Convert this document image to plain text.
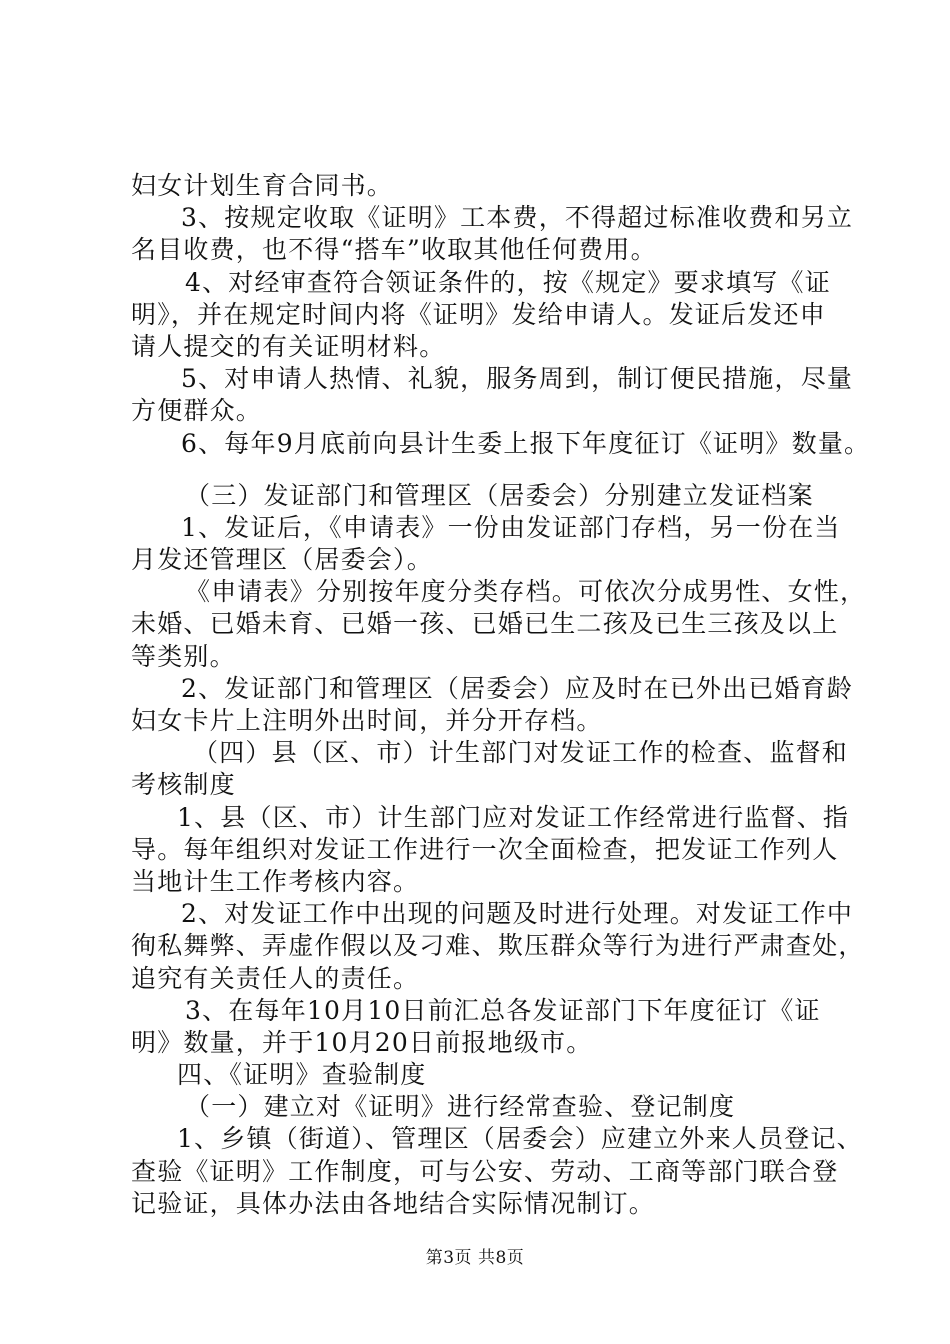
妇女计划生育合同书。
3、按规定收取《证明》工本费，不得超过标准收费和另立
名目收费，也不得“搭车”收取其他任何费用。
4、对经审查符合领证条件的，按《规定》要求填写《证
明》，并在规定时间内将《证明》发给申请人。发证后发还申
请人提交的有关证明材料。
5、对申请人热情、礼貌，服务周到，制订便民措施，尽量
方便群众。
6、每年9月底前向县计生委上报下年度征订《证明》数量。
（三）发证部门和管理区（居委会）分别建立发证档案
1、发证后，《申请表》一份由发证部门存档，另一份在当
月发还管理区（居委会）。
《申请表》分别按年度分类存档。可依次分成男性、女性，
未婚、已婚未育、已婚一孩、已婚已生二孩及已生三孩及以上
等类别。
2、发证部门和管理区（居委会）应及时在已外出已婚育龄
妇女卡片上注明外出时间，并分开存档。
（四）县（区、市）计生部门对发证工作的检查、监督和
考核制度
1、县（区、市）计生部门应对发证工作经常进行监督、指
导。每年组织对发证工作进行一次全面检查，把发证工作列人
当地计生工作考核内容。
2、对发证工作中出现的问题及时进行处理。对发证工作中
徇私舞弊、弄虚作假以及刁难、欺压群众等行为进行严肃查处，
追究有关责任人的责任。
3、在每年10月10日前汇总各发证部门下年度征订《证
明》数量，并于10月20日前报地级市。
四、《证明》查验制度
（一）建立对《证明》进行经常查验、登记制度
1、乡镇（街道）、管理区（居委会）应建立外来人员登记、
查验《证明》工作制度，可与公安、劳动、工商等部门联合登
记验证，具体办法由各地结合实际情况制订。
第3页 共8页
